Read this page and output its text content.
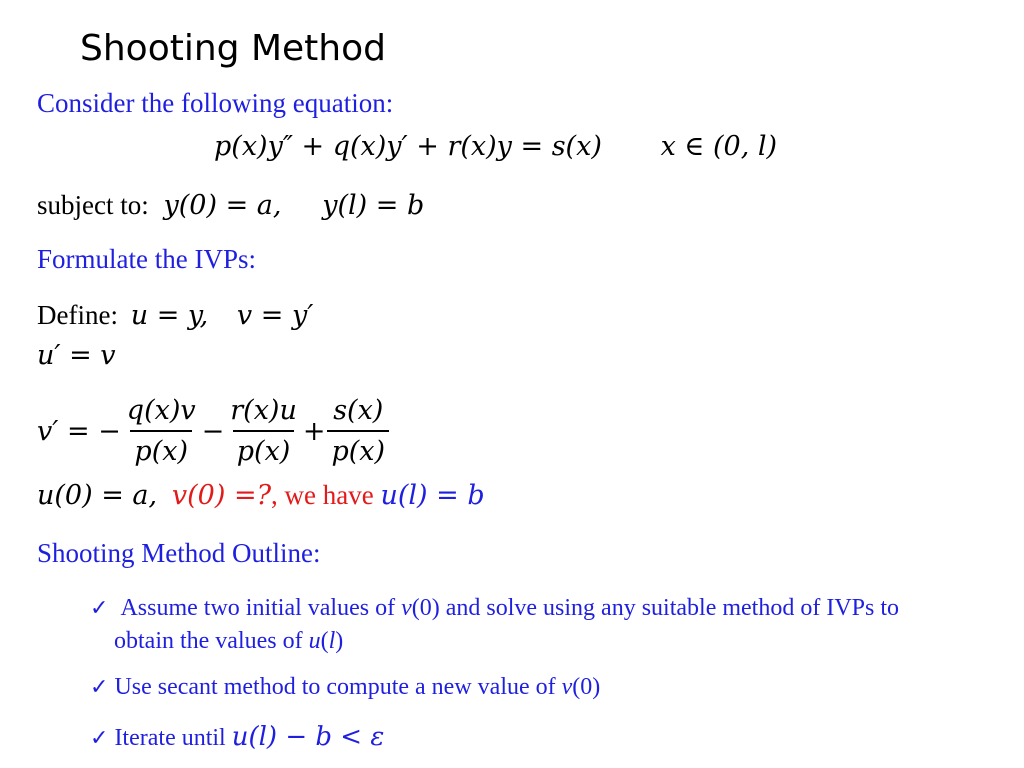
Shooting Method
Consider the following equation:
p(x)y″ + q(x)y′ + r(x)y = s(x) x ∈ (0, l)
subject to: y(0) = a, y(l) = b
Formulate the IVPs:
Define: u = y, v = y′
u′ = v
v′ = − $\frac{q(x)v}{p(x)} - \frac{r(x)u}{p(x)} + \frac{s(x)}{p(x)}$
u(0) = a, v(0) =?, we have u(l) = b
Shooting Method Outline:
✓ Assume two initial values of v(0) and solve using any suitable method of IVPs to
obtain the values of u(l)
✓ Use secant method to compute a new value of v(0)
✓ Iterate until u(l) − b < ε
